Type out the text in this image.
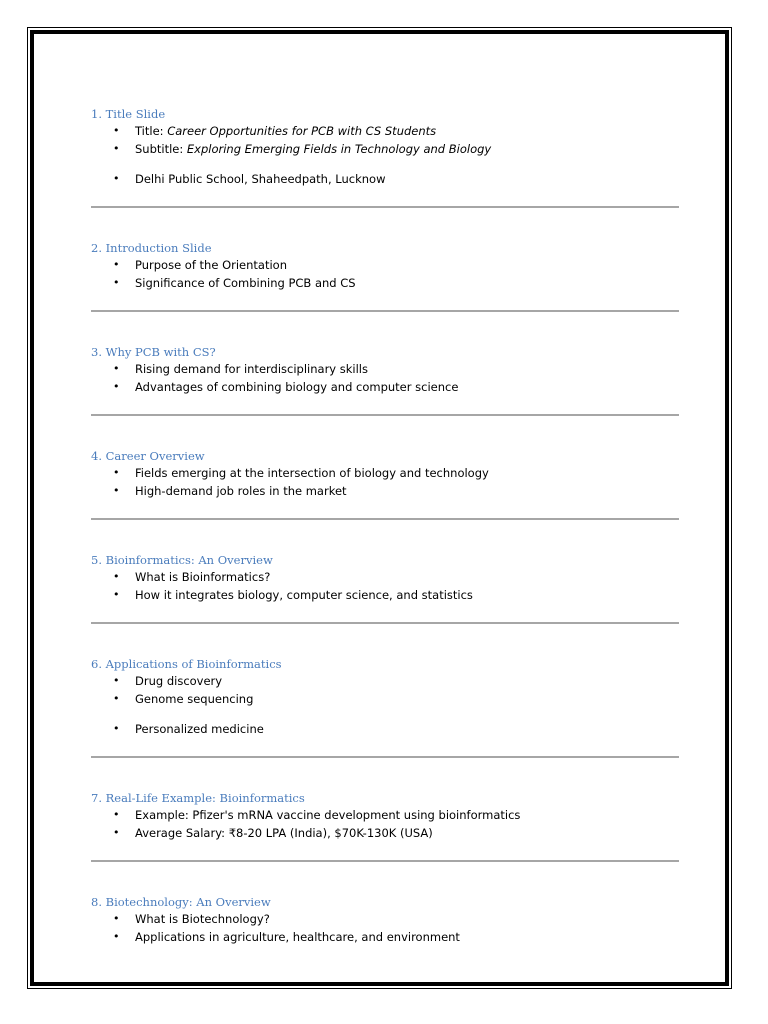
1. Title Slide
• Title: Career Opportunities for PCB with CS Students
• Subtitle: Exploring Emerging Fields in Technology and Biology
• Delhi Public School, Shaheedpath, Lucknow
2. Introduction Slide
• Purpose of the Orientation
• Significance of Combining PCB and CS
3. Why PCB with CS?
• Rising demand for interdisciplinary skills
• Advantages of combining biology and computer science
4. Career Overview
• Fields emerging at the intersection of biology and technology
• High-demand job roles in the market
5. Bioinformatics: An Overview
• What is Bioinformatics?
• How it integrates biology, computer science, and statistics
6. Applications of Bioinformatics
• Drug discovery
• Genome sequencing
• Personalized medicine
7. Real-Life Example: Bioinformatics
• Example: Pfizer's mRNA vaccine development using bioinformatics
• Average Salary: ₹8-20 LPA (India), $70K-130K (USA)
8. Biotechnology: An Overview
• What is Biotechnology?
• Applications in agriculture, healthcare, and environment
